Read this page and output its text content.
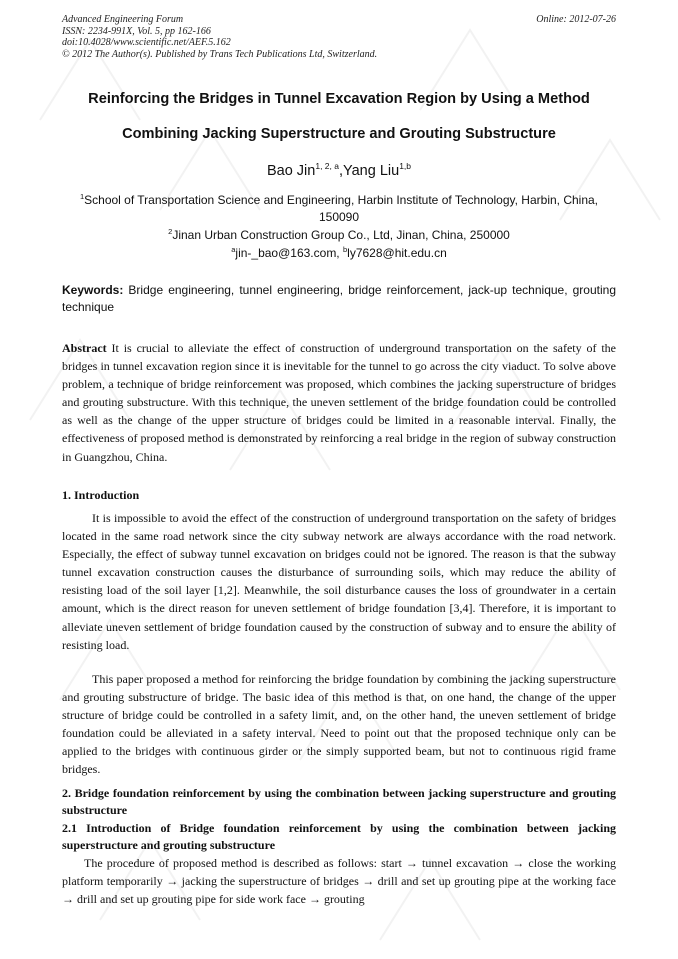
Advanced Engineering Forum
ISSN: 2234-991X, Vol. 5, pp 162-166
doi:10.4028/www.scientific.net/AEF.5.162
© 2012 The Author(s). Published by Trans Tech Publications Ltd, Switzerland.
Online: 2012-07-26
Reinforcing the Bridges in Tunnel Excavation Region by Using a Method
Combining Jacking Superstructure and Grouting Substructure
Bao Jin$^{1, 2, a}$,Yang Liu$^{1,b}$
$^1$School of Transportation Science and Engineering, Harbin Institute of Technology, Harbin, China, 150090
$^2$Jinan Urban Construction Group Co., Ltd, Jinan, China, 250000
$^a$jin-_bao@163.com, $^b$ly7628@hit.edu.cn
Keywords: Bridge engineering, tunnel engineering, bridge reinforcement, jack-up technique, grouting technique
Abstract It is crucial to alleviate the effect of construction of underground transportation on the safety of the bridges in tunnel excavation region since it is inevitable for the tunnel to go across the city viaduct. To solve above problem, a technique of bridge reinforcement was proposed, which combines the jacking superstructure of bridges and grouting substructure. With this technique, the uneven settlement of the bridge foundation could be controlled as well as the change of the upper structure of bridges could be limited in a reasonable interval. Finally, the effectiveness of proposed method is demonstrated by reinforcing a real bridge in the region of subway construction in Guangzhou, China.
1. Introduction
It is impossible to avoid the effect of the construction of underground transportation on the safety of bridges located in the same road network since the city subway network are always accordance with the road network. Especially, the effect of subway tunnel excavation on bridges could not be ignored. The reason is that the subway tunnel excavation construction causes the disturbance of surrounding soils, which may reduce the ability of resisting load of the soil layer [1,2]. Meanwhile, the soil disturbance causes the loss of groundwater in a certain amount, which is the direct reason for uneven settlement of bridge foundation [3,4]. Therefore, it is important to alleviate uneven settlement of bridge foundation caused by the construction of subway and to ensure the ability of resisting load.
This paper proposed a method for reinforcing the bridge foundation by combining the jacking superstructure and grouting substructure of bridge. The basic idea of this method is that, on one hand, the change of the upper structure of bridge could be controlled in a safety limit, and, on the other hand, the uneven settlement of bridge foundation could be alleviated in a safety interval. Need to point out that the proposed technique only can be applied to the bridges with continuous girder or the simply supported beam, but not to continuous rigid frame bridges.
2. Bridge foundation reinforcement by using the combination between jacking superstructure and grouting substructure
2.1 Introduction of Bridge foundation reinforcement by using the combination between jacking superstructure and grouting substructure
The procedure of proposed method is described as follows: start → tunnel excavation → close the working platform temporarily → jacking the superstructure of bridges → drill and set up grouting pipe at the working face → drill and set up grouting pipe for side work face → grouting
